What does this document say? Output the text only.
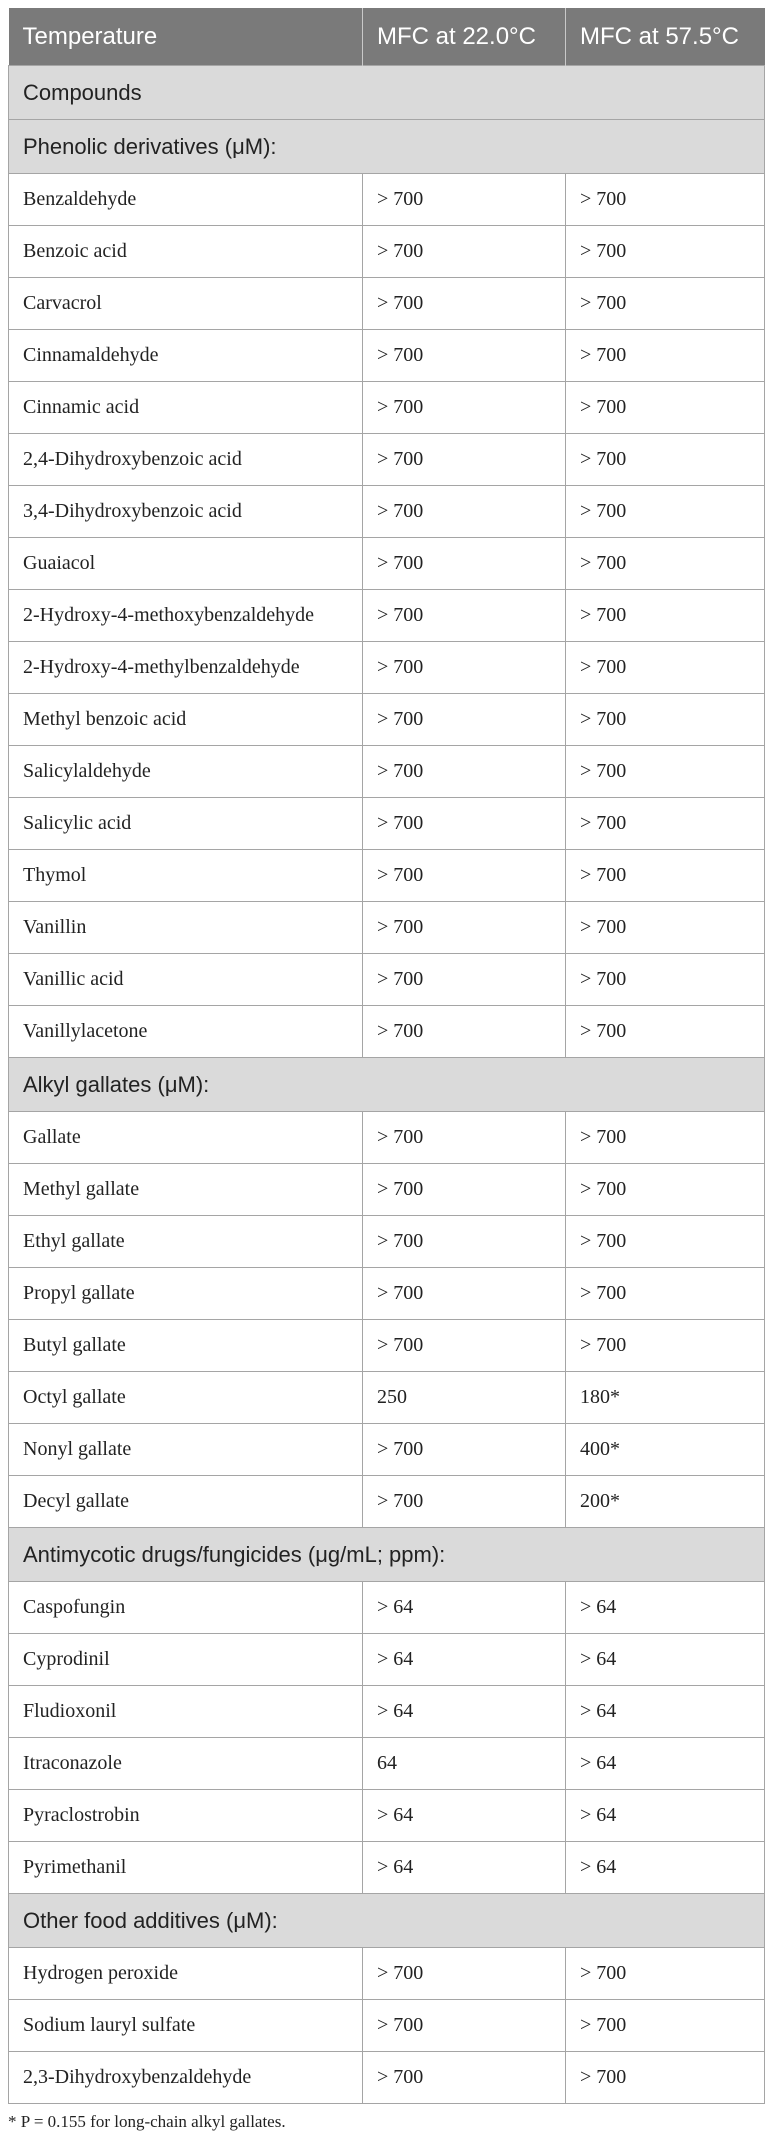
Temperature	MFC at 22.0°C	MFC at 57.5°C
Compounds		
Phenolic derivatives (μM):		
Benzaldehyde	> 700	> 700
Benzoic acid	> 700	> 700
Carvacrol	> 700	> 700
Cinnamaldehyde	> 700	> 700
Cinnamic acid	> 700	> 700
2,4-Dihydroxybenzoic acid	> 700	> 700
3,4-Dihydroxybenzoic acid	> 700	> 700
Guaiacol	> 700	> 700
2-Hydroxy-4-methoxybenzaldehyde	> 700	> 700
2-Hydroxy-4-methylbenzaldehyde	> 700	> 700
Methyl benzoic acid	> 700	> 700
Salicylaldehyde	> 700	> 700
Salicylic acid	> 700	> 700
Thymol	> 700	> 700
Vanillin	> 700	> 700
Vanillic acid	> 700	> 700
Vanillylacetone	> 700	> 700
Alkyl gallates (μM):		
Gallate	> 700	> 700
Methyl gallate	> 700	> 700
Ethyl gallate	> 700	> 700
Propyl gallate	> 700	> 700
Butyl gallate	> 700	> 700
Octyl gallate	250	180*
Nonyl gallate	> 700	400*
Decyl gallate	> 700	200*
Antimycotic drugs/fungicides (μg/mL; ppm):		
Caspofungin	> 64	> 64
Cyprodinil	> 64	> 64
Fludioxonil	> 64	> 64
Itraconazole	64	> 64
Pyraclostrobin	> 64	> 64
Pyrimethanil	> 64	> 64
Other food additives (μM):		
Hydrogen peroxide	> 700	> 700
Sodium lauryl sulfate	> 700	> 700
2,3-Dihydroxybenzaldehyde	> 700	> 700
* P = 0.155 for long-chain alkyl gallates.
